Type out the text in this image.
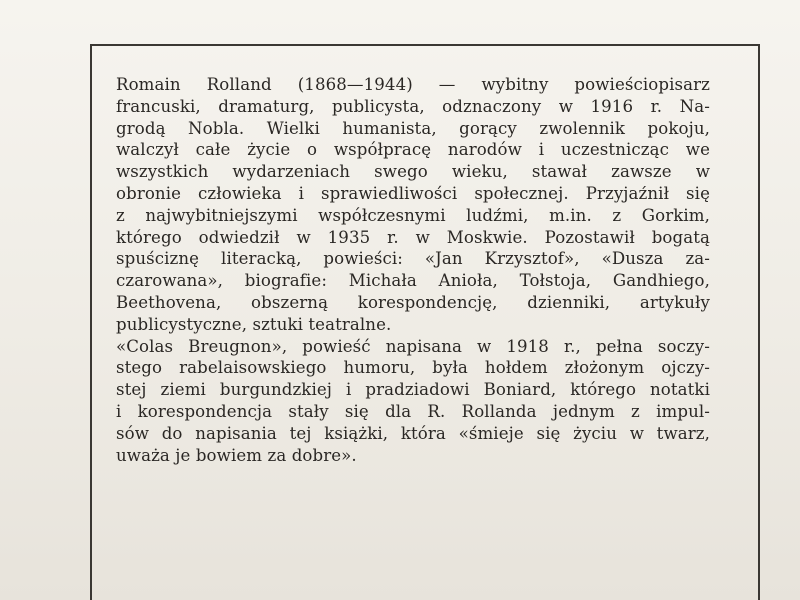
Romain Rolland (1868—1944) — wybitny powieściopisarz
francuski, dramaturg, publicysta, odznaczony w 1916 r. Na-
grodą Nobla. Wielki humanista, gorący zwolennik pokoju,
walczył całe życie o współpracę narodów i uczestnicząc we
wszystkich wydarzeniach swego wieku, stawał zawsze w
obronie człowieka i sprawiedliwości społecznej. Przyjaźnił się
z najwybitniejszymi współczesnymi ludźmi, m.in. z Gorkim,
którego odwiedził w 1935 r. w Moskwie. Pozostawił bogatą
spuściznę literacką, powieści: «Jan Krzysztof», «Dusza za-
czarowana», biografie: Michała Anioła, Tołstoja, Gandhiego,
Beethovena, obszerną korespondencję, dzienniki, artykuły
publicystyczne, sztuki teatralne.
«Colas Breugnon», powieść napisana w 1918 r., pełna soczy-
stego rabelaisowskiego humoru, była hołdem złożonym ojczy-
stej ziemi burgundzkiej i pradziadowi Boniard, którego notatki
i korespondencja stały się dla R. Rollanda jednym z impul-
sów do napisania tej książki, która «śmieje się życiu w twarz,
uważa je bowiem za dobre».
